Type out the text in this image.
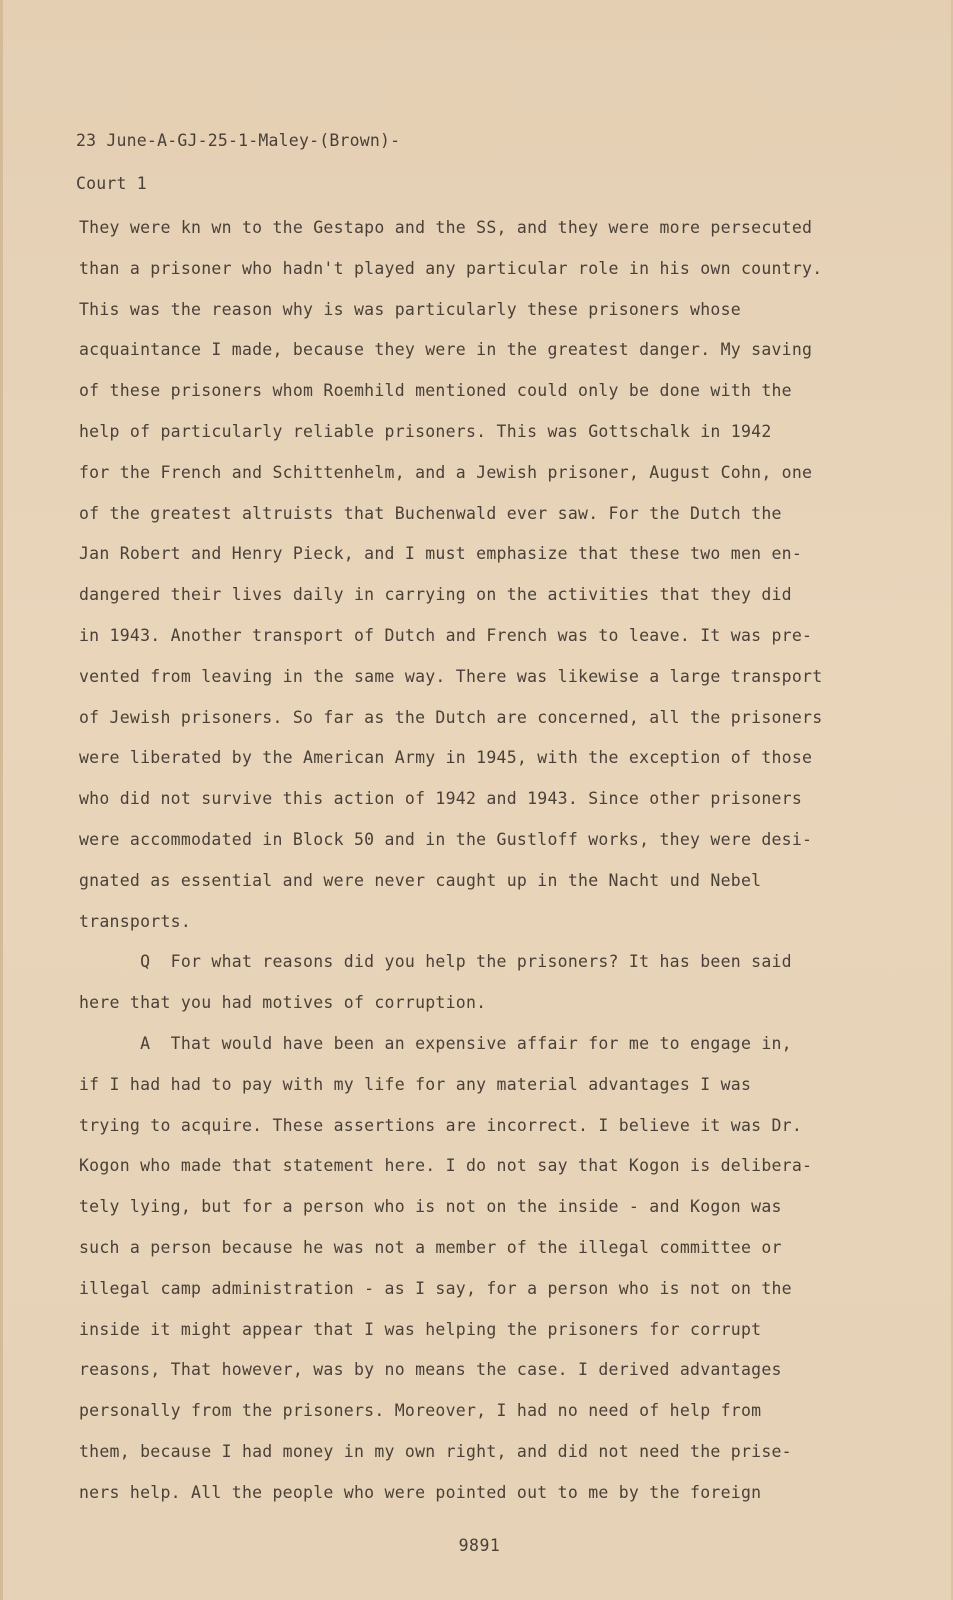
23 June-A-GJ-25-1-Maley-(Brown)-
Court 1
They were kn wn to the Gestapo and the SS, and they were more persecuted
than a prisoner who hadn't played any particular role in his own country.
This was the reason why is was particularly these prisoners whose
acquaintance I made, because they were in the greatest danger. My saving
of these prisoners whom Roemhild mentioned could only be done with the
help of particularly reliable prisoners. This was Gottschalk in 1942
for the French and Schittenhelm, and a Jewish prisoner, August Cohn, one
of the greatest altruists that Buchenwald ever saw. For the Dutch the
Jan Robert and Henry Pieck, and I must emphasize that these two men en-
dangered their lives daily in carrying on the activities that they did
in 1943. Another transport of Dutch and French was to leave. It was pre-
vented from leaving in the same way. There was likewise a large transport
of Jewish prisoners. So far as the Dutch are concerned, all the prisoners
were liberated by the American Army in 1945, with the exception of those
who did not survive this action of 1942 and 1943. Since other prisoners
were accommodated in Block 50 and in the Gustloff works, they were desi-
gnated as essential and were never caught up in the Nacht und Nebel
transports.
Q  For what reasons did you help the prisoners? It has been said
here that you had motives of corruption.
A  That would have been an expensive affair for me to engage in,
if I had had to pay with my life for any material advantages I was
trying to acquire. These assertions are incorrect. I believe it was Dr.
Kogon who made that statement here. I do not say that Kogon is delibera-
tely lying, but for a person who is not on the inside - and Kogon was
such a person because he was not a member of the illegal committee or
illegal camp administration - as I say, for a person who is not on the
inside it might appear that I was helping the prisoners for corrupt
reasons, That however, was by no means the case. I derived advantages
personally from the prisoners. Moreover, I had no need of help from
them, because I had money in my own right, and did not need the prise-
ners help. All the people who were pointed out to me by the foreign
9891
